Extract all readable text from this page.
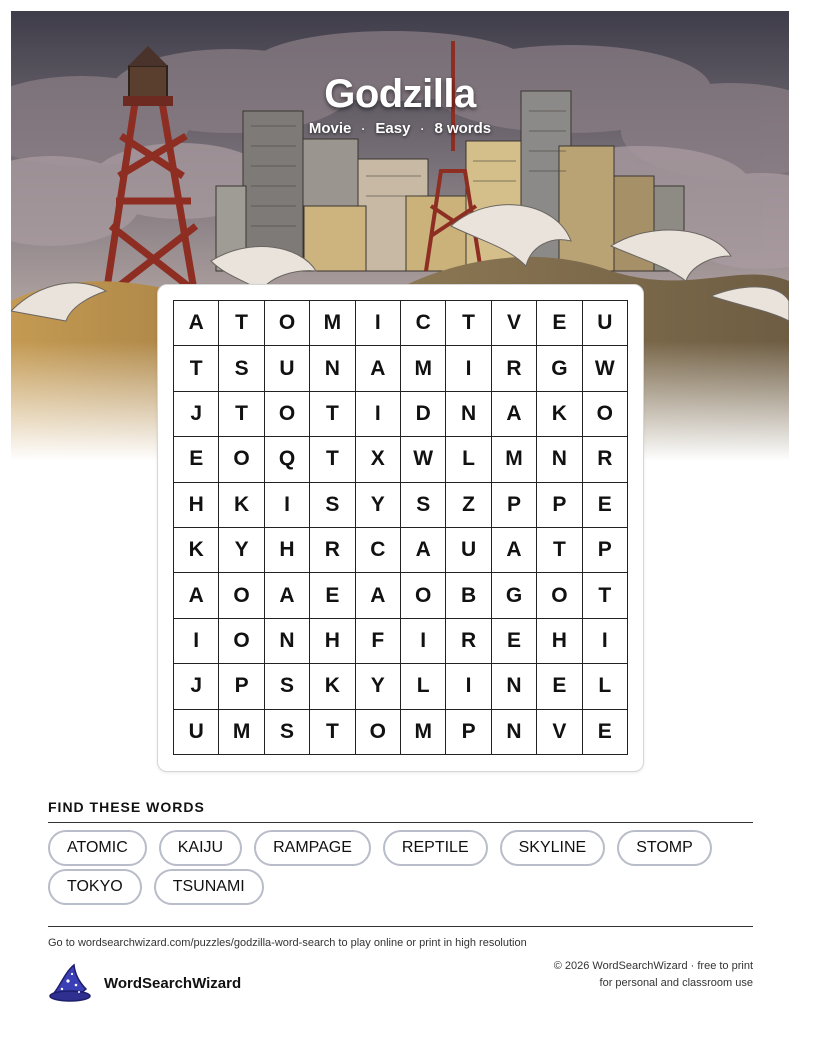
Godzilla
Movie · Easy · 8 words
A	T	O	M	I	C	T	V	E	U
T	S	U	N	A	M	I	R	G	W
J	T	O	T	I	D	N	A	K	O
E	O	Q	T	X	W	L	M	N	R
H	K	I	S	Y	S	Z	P	P	E
K	Y	H	R	C	A	U	A	T	P
A	O	A	E	A	O	B	G	O	T
I	O	N	H	F	I	R	E	H	I
J	P	S	K	Y	L	I	N	E	L
U	M	S	T	O	M	P	N	V	E
FIND THESE WORDS
ATOMIC	KAIJU	RAMPAGE	REPTILE	SKYLINE	STOMP
TOKYO	TSUNAMI
Go to wordsearchwizard.com/puzzles/godzilla-word-search to play online or print in high resolution
WordSearchWizard
© 2026 WordSearchWizard · free to print for personal and classroom use
